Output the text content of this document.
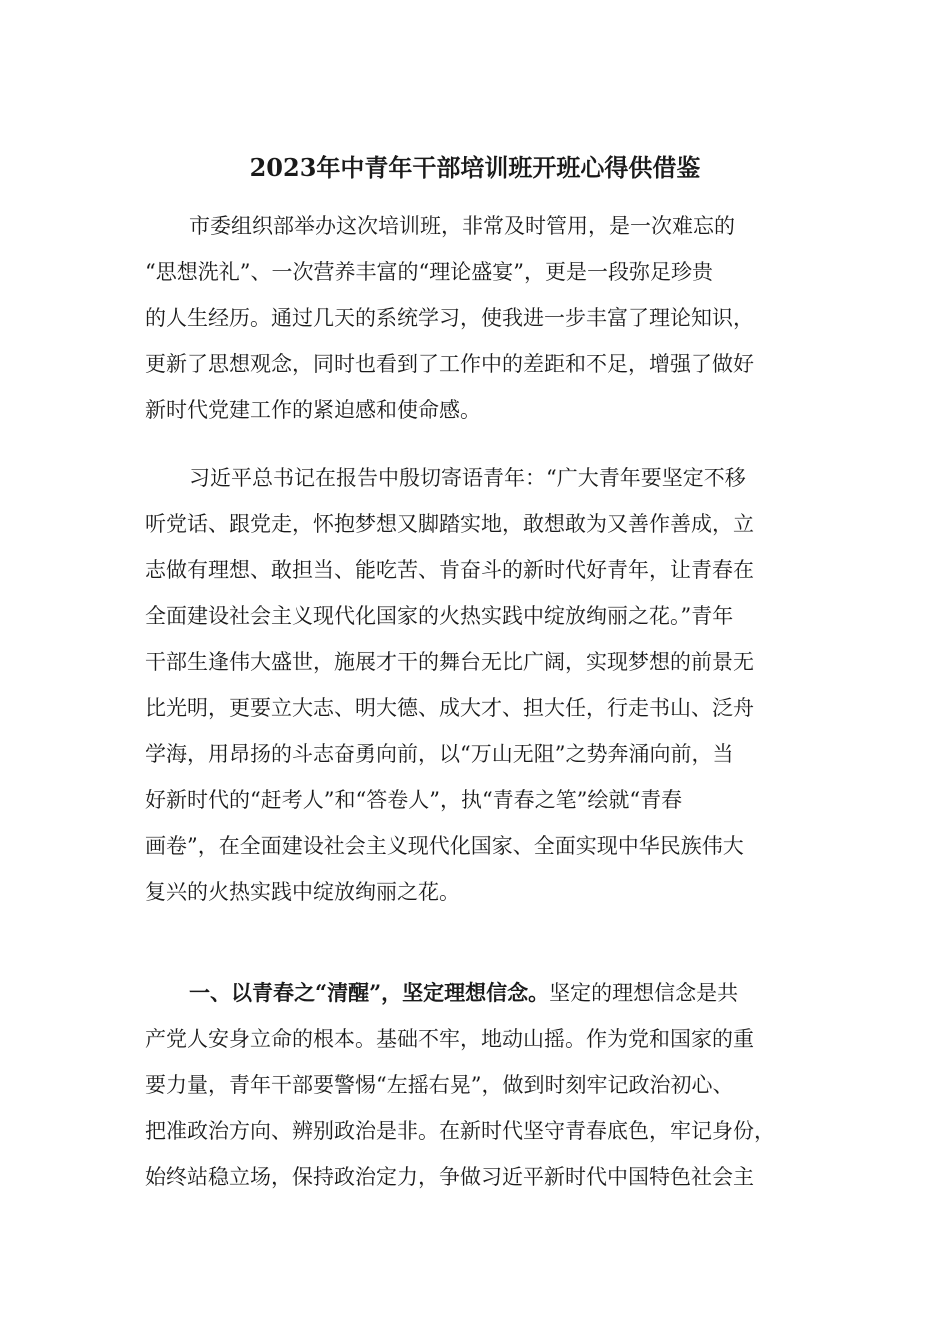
2023年中青年干部培训班开班心得供借鉴
市委组织部举办这次培训班，非常及时管用，是一次难忘的
“思想洗礼”、一次营养丰富的“理论盛宴”，更是一段弥足珍贵
的人生经历。通过几天的系统学习，使我进一步丰富了理论知识，
更新了思想观念，同时也看到了工作中的差距和不足，增强了做好
新时代党建工作的紧迫感和使命感。
习近平总书记在报告中殷切寄语青年：“广大青年要坚定不移
听党话、跟党走，怀抱梦想又脚踏实地，敢想敢为又善作善成，立
志做有理想、敢担当、能吃苦、肯奋斗的新时代好青年，让青春在
全面建设社会主义现代化国家的火热实践中绽放绚丽之花。”青年
干部生逢伟大盛世，施展才干的舞台无比广阔，实现梦想的前景无
比光明，更要立大志、明大德、成大才、担大任，行走书山、泛舟
学海，用昂扬的斗志奋勇向前，以“万山无阻”之势奔涌向前，当
好新时代的“赶考人”和“答卷人”，执“青春之笔”绘就“青春
画卷”，在全面建设社会主义现代化国家、全面实现中华民族伟大
复兴的火热实践中绽放绚丽之花。
一、以青春之“清醒”，坚定理想信念。坚定的理想信念是共
产党人安身立命的根本。基础不牢，地动山摇。作为党和国家的重
要力量，青年干部要警惕“左摇右晃”，做到时刻牢记政治初心、
把准政治方向、辨别政治是非。在新时代坚守青春底色，牢记身份，
始终站稳立场，保持政治定力，争做习近平新时代中国特色社会主
